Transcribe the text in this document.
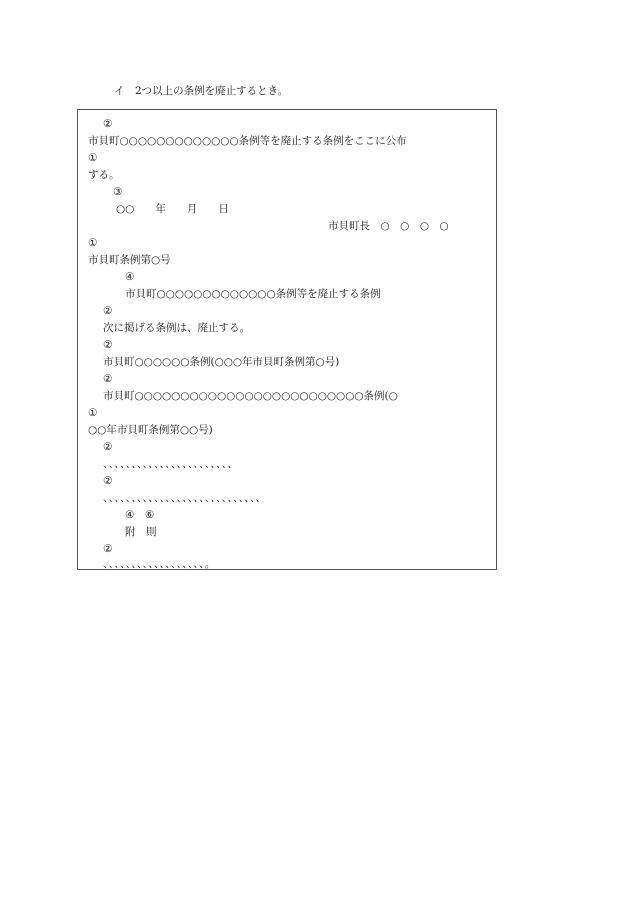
イ　2つ以上の条例を廃止するとき。
②
市貝町○○○○○○○○○○○○○条例等を廃止する条例をここに公布
①
する。
③
○○　　年　　月　　日
市貝町長　○　○　○　○
①
市貝町条例第○号
④
市貝町○○○○○○○○○○○○○条例等を廃止する条例
②
次に掲げる条例は、廃止する。
②
市貝町○○○○○○条例(○○○年市貝町条例第○号)
②
市貝町○○○○○○○○○○○○○○○○○○○○○○○○○条例(○
①
○○年市貝町条例第○○号)
②
、、、、、、、、、、、、、、、、、、、、、、、
②
、、、、、、、、、、、、、、、、、、、、、、、、、、、、
④　⑥
附　則
②
、、、、、、、、、、、、、、、、、、。
